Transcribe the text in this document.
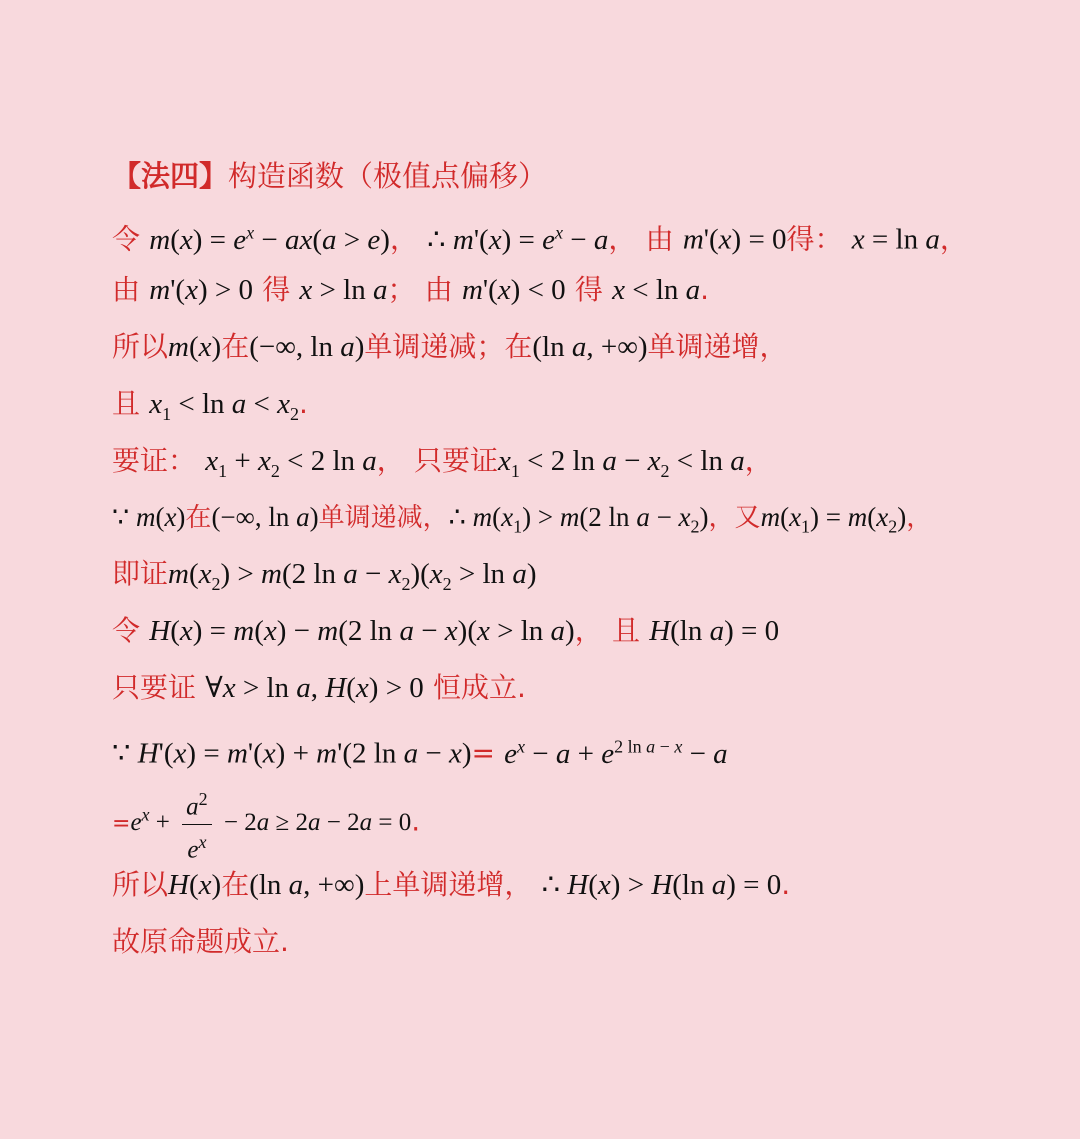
【法四】构造函数（极值点偏移）
令 $m(x) = e^x - ax(a > e)$， ∴ $m'(x) = e^x - a$， 由 m'(x) = 0得： x = ln a，
由 m'(x) > 0 得 x > ln a； 由 m'(x) < 0 得 x < ln a.
所以m(x)在(−∞, ln a)单调递减；在(ln a, +∞)单调递增，
且 $x_1 < \ln a < x_2$.
要证： $x_1 + x_2 < 2$ ln a， 只要证$x_1 < 2$ $\ln a - x_2 < \ln a$，
∵ m(x)在(−∞, ln a)单调递减，∴ $m(x_1) > m(2$ $\ln a - x_2$)，又$m(x_1) = m(x_2)$，
即证$m(x_2) > m(2$ $\ln a - x_2)(x_2 > \ln a)$
令 H(x) = m(x) − m(2 ln a − x)(x > ln a)， 且 H(ln a) = 0
只要证 ∀x > ln a, H(x) > 0 恒成立.
∵ H'(x) = m'(x) + m'(2 $\ln a - x)= e^x - a + e^{2 ln a - x} - a$
$=e^x + \frac{a^2}{e^x} - 2a \ge 2a - 2a = 0$.
所以H(x)在(ln a, +∞)上单调递增， ∴ H(x) > H(ln a) = 0.
故原命题成立.
